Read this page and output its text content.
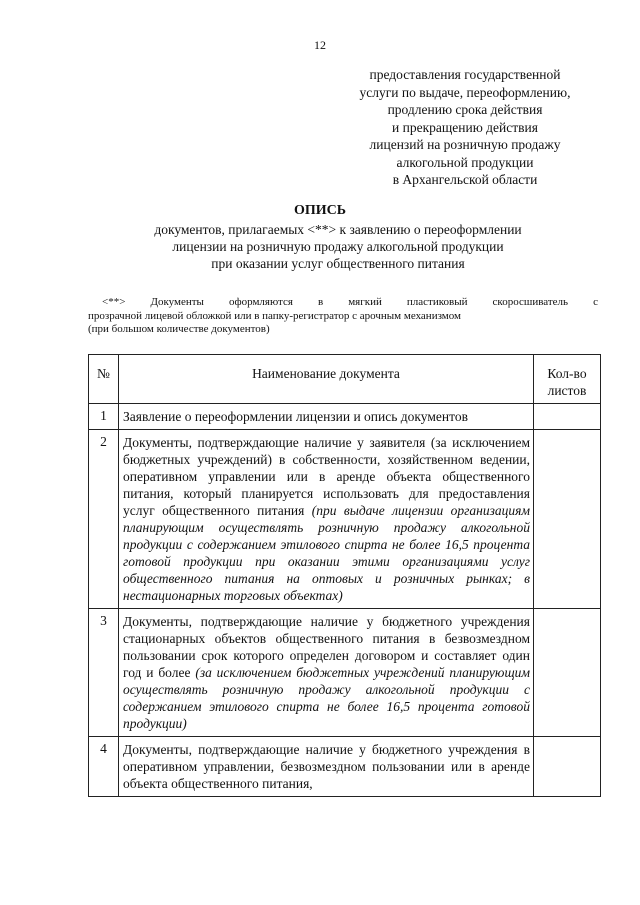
12
предоставления государственной
услуги по выдаче, переоформлению,
продлению срока действия
и прекращению действия
лицензий на розничную продажу
алкогольной продукции
в Архангельской области
ОПИСЬ
документов, прилагаемых <**> к заявлению о переоформлении
лицензии на розничную продажу алкогольной продукции
при оказании услуг общественного питания
<**> Документы оформляются в мягкий пластиковый скоросшиватель с
прозрачной лицевой обложкой или в папку-регистратор с арочным механизмом
(при большом количестве документов)
№	Наименование документа	Кол-во
листов

1	Заявление о переоформлении лицензии и опись документов	
2	Документы, подтверждающие наличие у заявителя (за исключением бюджетных учреждений) в собственности, хозяйственном ведении, оперативном управлении или в аренде объекта общественного питания, который планируется использовать для предоставления услуг общественного питания (при выдаче лицензии организациям планирующим осуществлять розничную продажу алкогольной продукции с содержанием этилового спирта не более 16,5 процента готовой продукции при оказании этими организациями услуг общественного питания на оптовых и розничных рынках; в нестационарных торговых объектах)	
3	Документы, подтверждающие наличие у бюджетного учреждения стационарных объектов общественного питания в безвозмездном пользовании срок которого определен договором и составляет один год и более (за исключением бюджетных учреждений планирующим осуществлять розничную продажу алкогольной продукции с содержанием этилового спирта не более 16,5 процента готовой продукции)	
4	Документы, подтверждающие наличие у бюджетного учреждения в оперативном управлении, безвозмездном пользовании или в аренде объекта общественного питания,	
